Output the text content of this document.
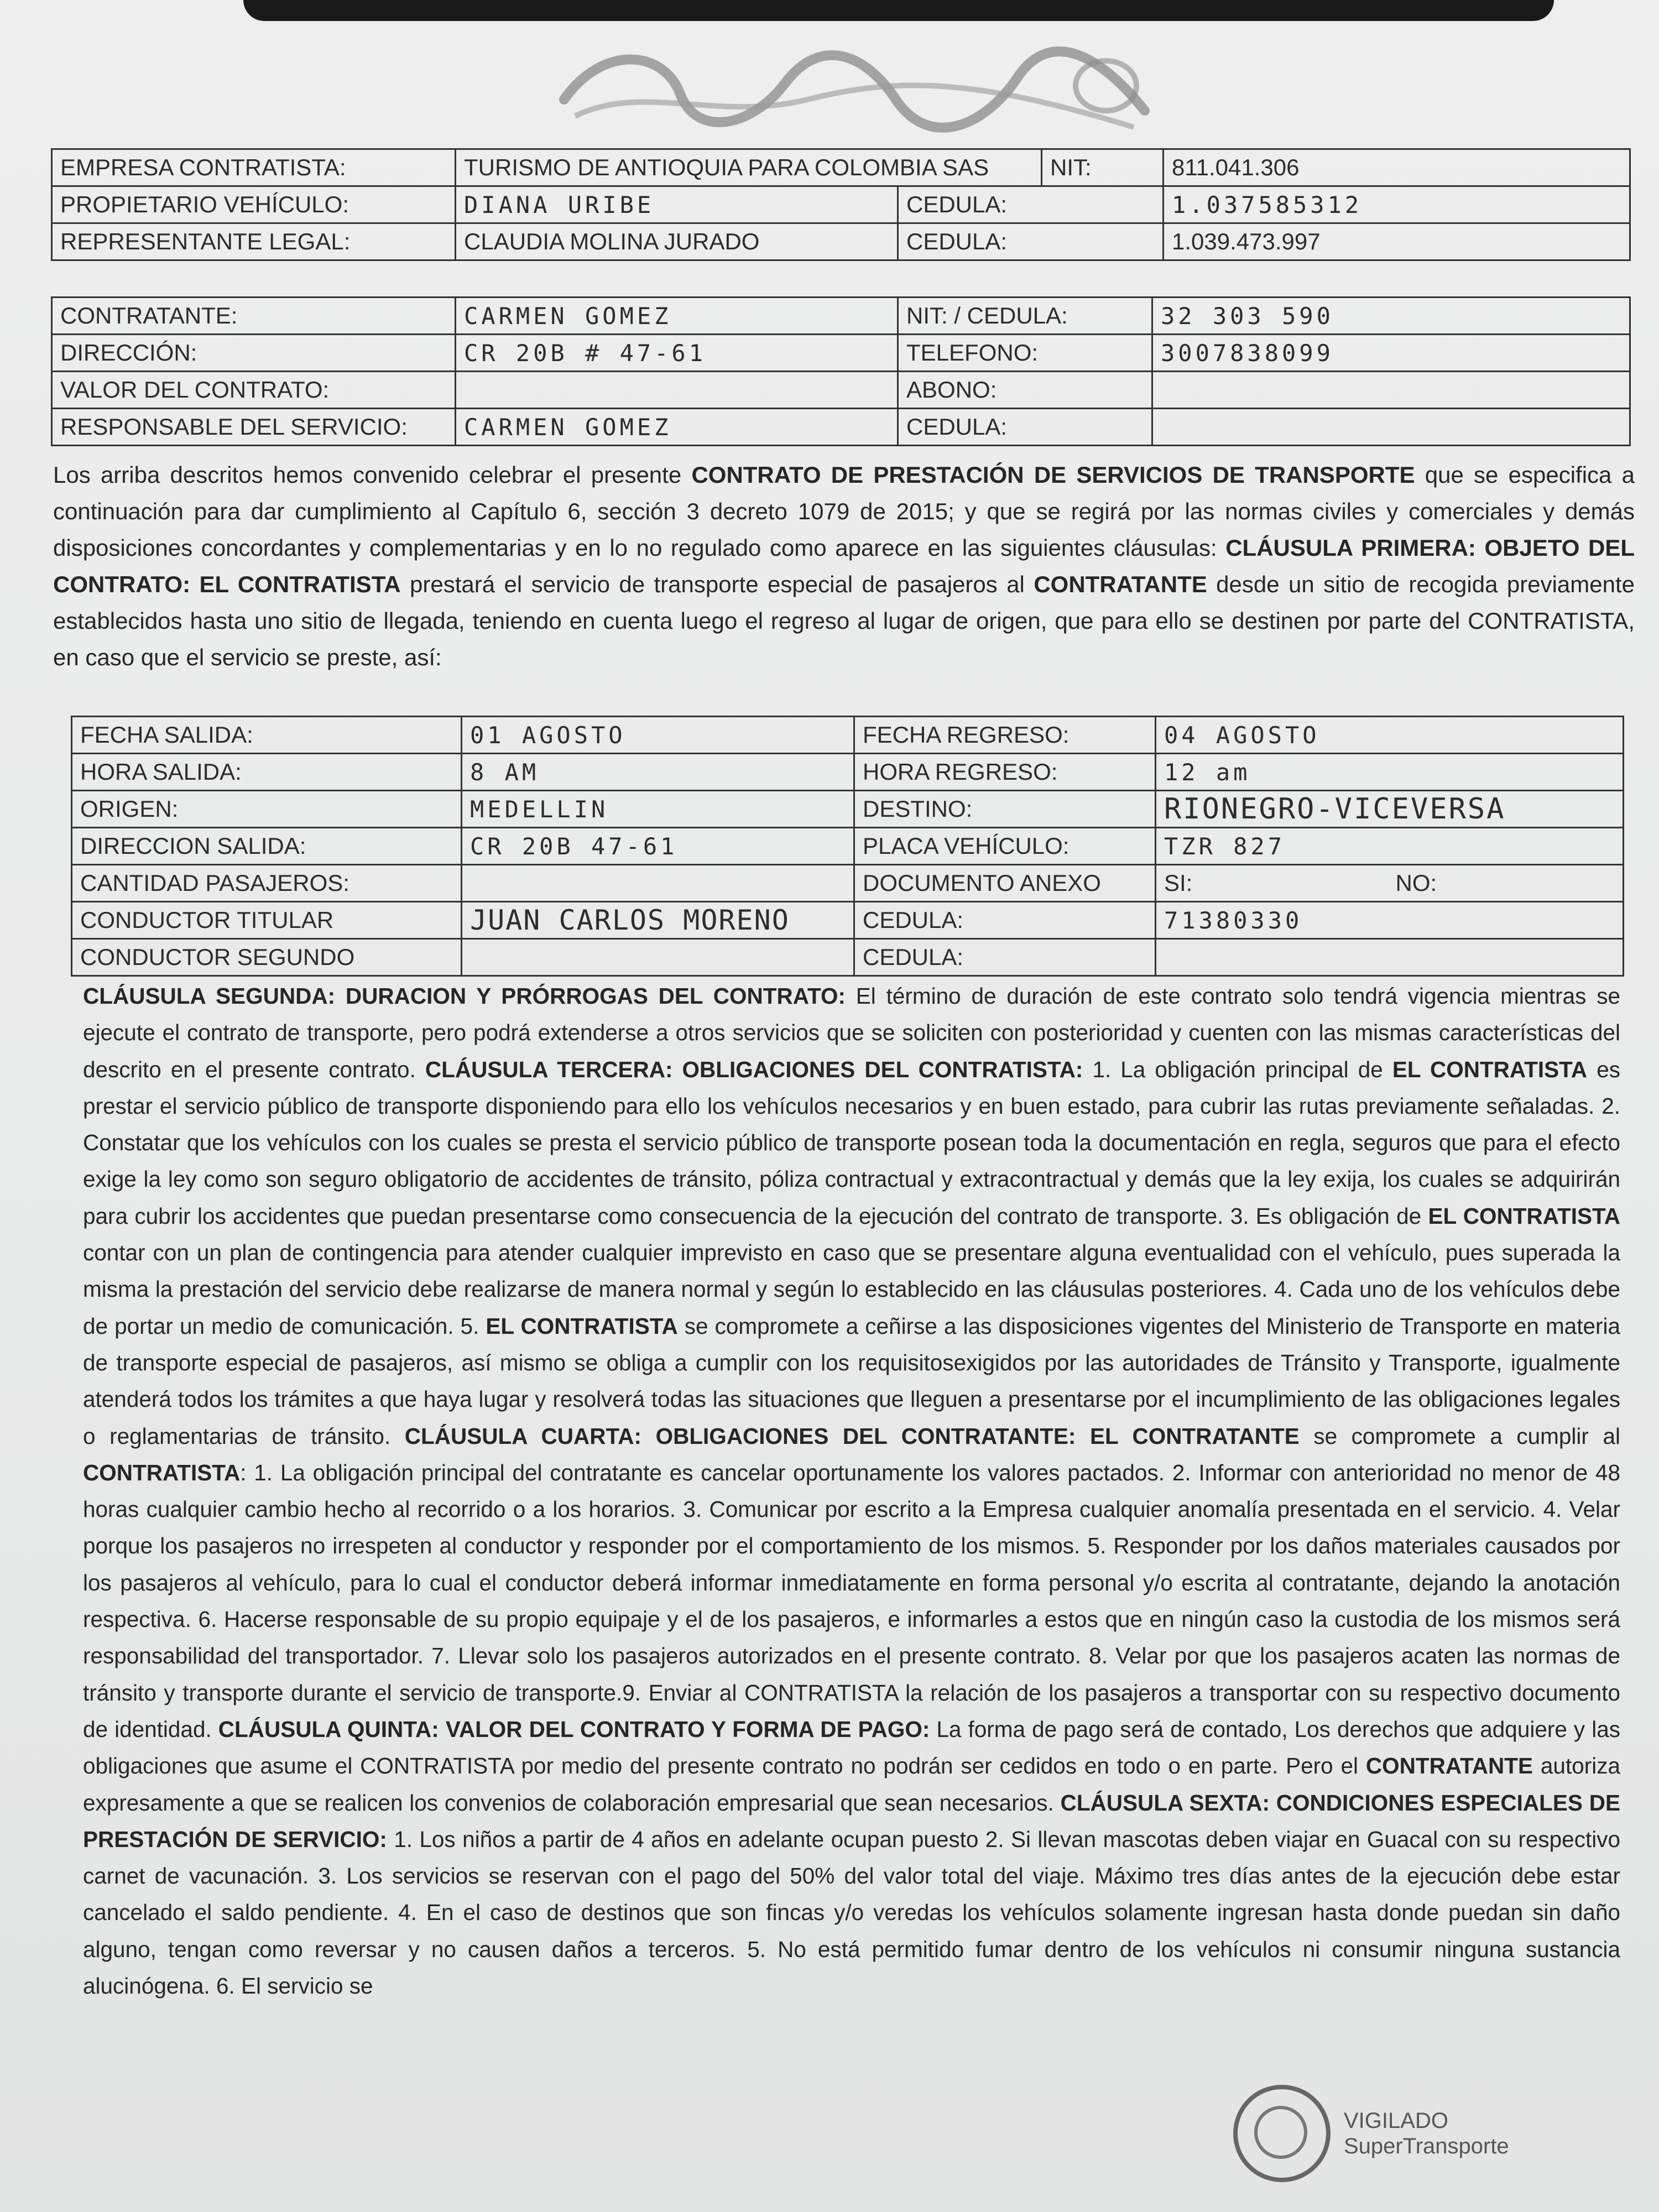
EMPRESA CONTRATISTA:	TURISMO DE ANTIOQUIA PARA COLOMBIA SAS		NIT:	811.041.306
PROPIETARIO VEHÍCULO:	DIANA URIBE	CEDULA:		1.037585312
REPRESENTANTE LEGAL:	CLAUDIA MOLINA JURADO	CEDULA:		1.039.473.997
CONTRATANTE:	CARMEN GOMEZ	NIT: / CEDULA:	32 303 590
DIRECCIÓN:	CR 20B # 47-61	TELEFONO:	3007838099
VALOR DEL CONTRATO:		ABONO:	
RESPONSABLE DEL SERVICIO:	CARMEN GOMEZ	CEDULA:	
Los arriba descritos hemos convenido celebrar el presente CONTRATO DE PRESTACIÓN DE SERVICIOS DE TRANSPORTE que se especifica a continuación para dar cumplimiento al Capítulo 6, sección 3 decreto 1079 de 2015; y que se regirá por las normas civiles y comerciales y demás disposiciones concordantes y complementarias y en lo no regulado como aparece en las siguientes cláusulas: CLÁUSULA PRIMERA: OBJETO DEL CONTRATO: EL CONTRATISTA prestará el servicio de transporte especial de pasajeros al CONTRATANTE desde un sitio de recogida previamente establecidos hasta uno sitio de llegada, teniendo en cuenta luego el regreso al lugar de origen, que para ello se destinen por parte del CONTRATISTA, en caso que el servicio se preste, así:
FECHA SALIDA:	01 AGOSTO	FECHA REGRESO:	04 AGOSTO	
HORA SALIDA:	8 AM	HORA REGRESO:	12 am	
ORIGEN:	MEDELLIN	DESTINO:	RIONEGRO-VICEVERSA	
DIRECCION SALIDA:	CR 20B 47-61	PLACA VEHÍCULO:	TZR 827	
CANTIDAD PASAJEROS:		DOCUMENTO ANEXO	SI:	NO:
CONDUCTOR TITULAR	JUAN CARLOS MORENO	CEDULA:	71380330	
CONDUCTOR SEGUNDO		CEDULA:		
CLÁUSULA SEGUNDA: DURACION Y PRÓRROGAS DEL CONTRATO: El término de duración de este contrato solo tendrá vigencia mientras se ejecute el contrato de transporte, pero podrá extenderse a otros servicios que se soliciten con posterioridad y cuenten con las mismas características del descrito en el presente contrato. CLÁUSULA TERCERA: OBLIGACIONES DEL CONTRATISTA: 1. La obligación principal de EL CONTRATISTA es prestar el servicio público de transporte disponiendo para ello los vehículos necesarios y en buen estado, para cubrir las rutas previamente señaladas. 2. Constatar que los vehículos con los cuales se presta el servicio público de transporte posean toda la documentación en regla, seguros que para el efecto exige la ley como son seguro obligatorio de accidentes de tránsito, póliza contractual y extracontractual y demás que la ley exija, los cuales se adquirirán para cubrir los accidentes que puedan presentarse como consecuencia de la ejecución del contrato de transporte. 3. Es obligación de EL CONTRATISTA contar con un plan de contingencia para atender cualquier imprevisto en caso que se presentare alguna eventualidad con el vehículo, pues superada la misma la prestación del servicio debe realizarse de manera normal y según lo establecido en las cláusulas posteriores. 4. Cada uno de los vehículos debe de portar un medio de comunicación. 5. EL CONTRATISTA se compromete a ceñirse a las disposiciones vigentes del Ministerio de Transporte en materia de transporte especial de pasajeros, así mismo se obliga a cumplir con los requisitosexigidos por las autoridades de Tránsito y Transporte, igualmente atenderá todos los trámites a que haya lugar y resolverá todas las situaciones que lleguen a presentarse por el incumplimiento de las obligaciones legales o reglamentarias de tránsito. CLÁUSULA CUARTA: OBLIGACIONES DEL CONTRATANTE: EL CONTRATANTE se compromete a cumplir al CONTRATISTA: 1. La obligación principal del contratante es cancelar oportunamente los valores pactados. 2. Informar con anterioridad no menor de 48 horas cualquier cambio hecho al recorrido o a los horarios. 3. Comunicar por escrito a la Empresa cualquier anomalía presentada en el servicio. 4. Velar porque los pasajeros no irrespeten al conductor y responder por el comportamiento de los mismos. 5. Responder por los daños materiales causados por los pasajeros al vehículo, para lo cual el conductor deberá informar inmediatamente en forma personal y/o escrita al contratante, dejando la anotación respectiva. 6. Hacerse responsable de su propio equipaje y el de los pasajeros, e informarles a estos que en ningún caso la custodia de los mismos será responsabilidad del transportador. 7. Llevar solo los pasajeros autorizados en el presente contrato. 8. Velar por que los pasajeros acaten las normas de tránsito y transporte durante el servicio de transporte.9. Enviar al CONTRATISTA la relación de los pasajeros a transportar con su respectivo documento de identidad. CLÁUSULA QUINTA: VALOR DEL CONTRATO Y FORMA DE PAGO: La forma de pago será de contado, Los derechos que adquiere y las obligaciones que asume el CONTRATISTA por medio del presente contrato no podrán ser cedidos en todo o en parte. Pero el CONTRATANTE autoriza expresamente a que se realicen los convenios de colaboración empresarial que sean necesarios. CLÁUSULA SEXTA: CONDICIONES ESPECIALES DE PRESTACIÓN DE SERVICIO: 1. Los niños a partir de 4 años en adelante ocupan puesto 2. Si llevan mascotas deben viajar en Guacal con su respectivo carnet de vacunación. 3. Los servicios se reservan con el pago del 50% del valor total del viaje. Máximo tres días antes de la ejecución debe estar cancelado el saldo pendiente. 4. En el caso de destinos que son fincas y/o veredas los vehículos solamente ingresan hasta donde puedan sin daño alguno, tengan como reversar y no causen daños a terceros. 5. No está permitido fumar dentro de los vehículos ni consumir ninguna sustancia alucinógena. 6. El servicio se
VIGILADO
SuperTransporte
